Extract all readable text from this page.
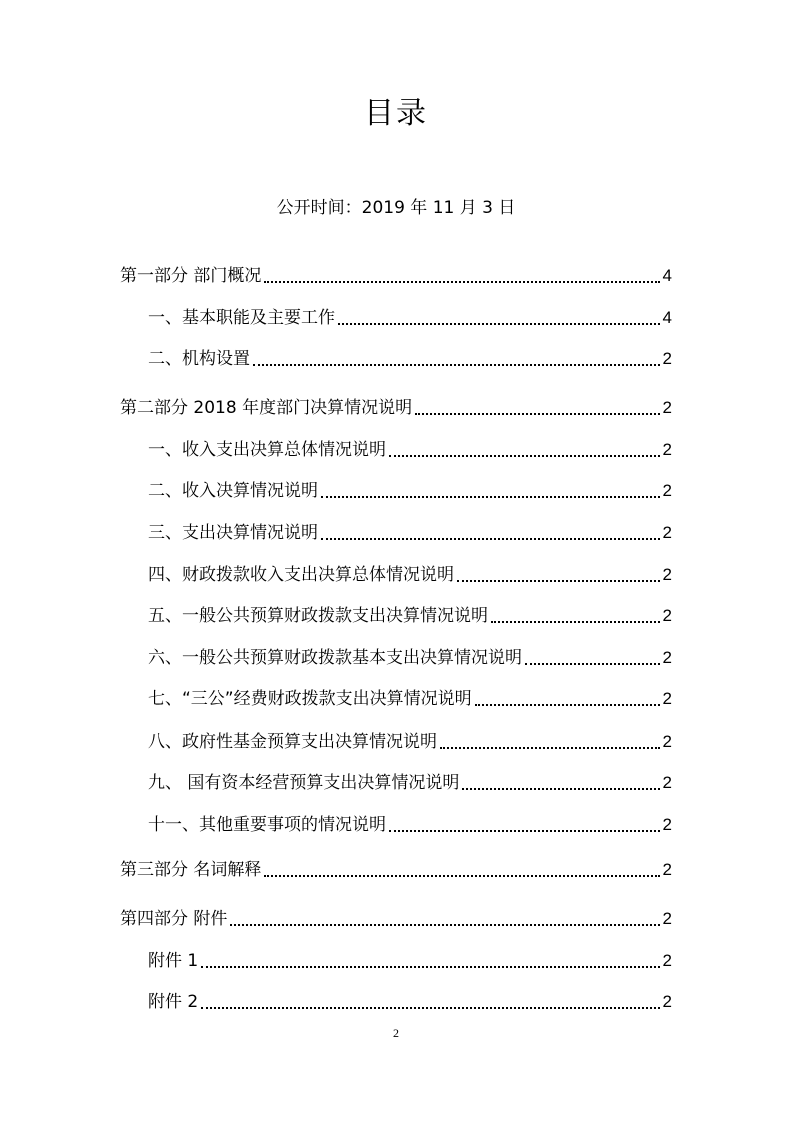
目录
公开时间：2019 年 11 月 3 日
第一部分 部门概况	4
一、基本职能及主要工作	4
二、机构设置	2
第二部分 2018 年度部门决算情况说明	2
一、收入支出决算总体情况说明	2
二、收入决算情况说明	2
三、支出决算情况说明	2
四、财政拨款收入支出决算总体情况说明	2
五、一般公共预算财政拨款支出决算情况说明	2
六、一般公共预算财政拨款基本支出决算情况说明	2
七、“三公”经费财政拨款支出决算情况说明	2
八、政府性基金预算支出决算情况说明	2
九、 国有资本经营预算支出决算情况说明	2
十一、其他重要事项的情况说明	2
第三部分 名词解释	2
第四部分 附件	2
附件 1	2
附件 2	2
2
